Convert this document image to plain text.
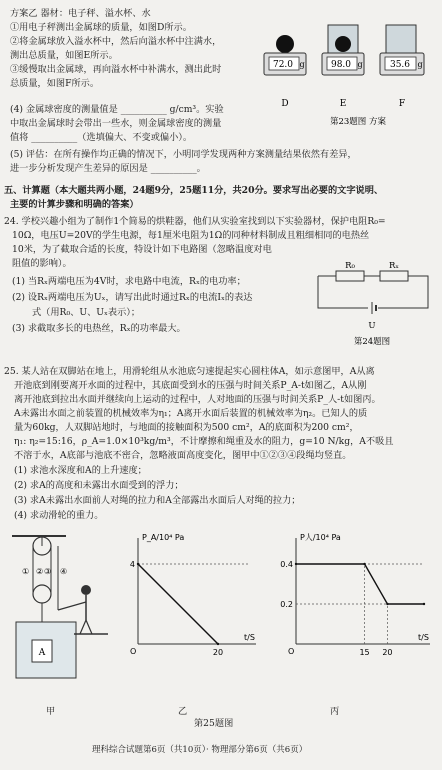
方案乙 器材：电子秤、溢水杯、水
①用电子秤测出金属球的质量，如图D所示。
②将金属球放入溢水杯中，然后向溢水杯中注满水，
测出总质量，如图E所示。
③缓慢取出金属球，再向溢水杯中补满水，测出此时
总质量，如图F所示。
(4) 金属球密度的测量值是 __________ g/cm³。实验
中取出金属球时会带出一些水，则金属球密度的测量
值将 __________（选填偏大、不变或偏小）。
(5) 评估：在所有操作均正确的情况下，小明同学发现两种方案测量结果依然有差异，
进一步分析发现产生差异的原因是 __________。
五、计算题（本大题共两小题，24题9分，25题11分，共20分。要求写出必要的文字说明、
主要的计算步骤和明确的答案）
24. 学校兴趣小组为了制作1个简易的烘鞋器，他们从实验室找到以下实验器材，保护电阻R₀=
10Ω，电压U=20V的学生电源，每1厘米电阻为1Ω的同种材料制成且粗细相同的电热丝
10米，为了截取合适的长度，特设计如下电路图（忽略温度对电
阻值的影响）。
(1) 当Rₓ两端电压为4V时，求电路中电流，Rₓ的电功率；
(2) 设Rₓ两端电压为Uₓ，请写出此时通过Rₓ的电流Iₓ的表达
式（用R₀、U、Uₓ表示）；
(3) 求截取多长的电热丝，Rₓ的功率最大。
25. 某人站在双脚站在地上，用滑轮组从水池底匀速提起实心圆柱体A，如示意图甲，A从离
开池底到刚要离开水面的过程中，其底面受到水的压强与时间关系P_A-t如图乙，A从刚
离开池底到拉出水面并继续向上运动的过程中，人对地面的压强与时间关系P_人-t如图丙。
A未露出水面之前装置的机械效率为η₁；A离开水面后装置的机械效率为η₂。已知人的质
量为60kg，人双脚站地时，与地面的接触面积为500 cm²，A的底面积为200 cm²，
η₁: η₂=15:16，ρ_A=1.0×10³kg/m³，不计摩擦和绳重及水的阻力，g=10 N/kg，A不吸且
不溶于水，A底部与池底不密合，忽略液面高度变化，图甲中①②③④段绳均竖直。
(1) 求池水深度和A的上升速度；
(2) 求A的高度和未露出水面受到的浮力；
(3) 求A未露出水面前人对绳的拉力和A全部露出水面后人对绳的拉力；
(4) 求动滑轮的重力。
72.0 g	98.0 g	35.6 g
D	E	F
第23题图 方案
R₀	Rₓ
U
第24题图
A
① ② ③ ④
P_A/10⁴ Pa
t/S
O	20
4
P人/10⁴ Pa
t/S
O	15 20
0.4
0.2
甲	乙	丙
第25题图
理科综合试题第6页（共10页）· 物理部分第6页（共6页）
